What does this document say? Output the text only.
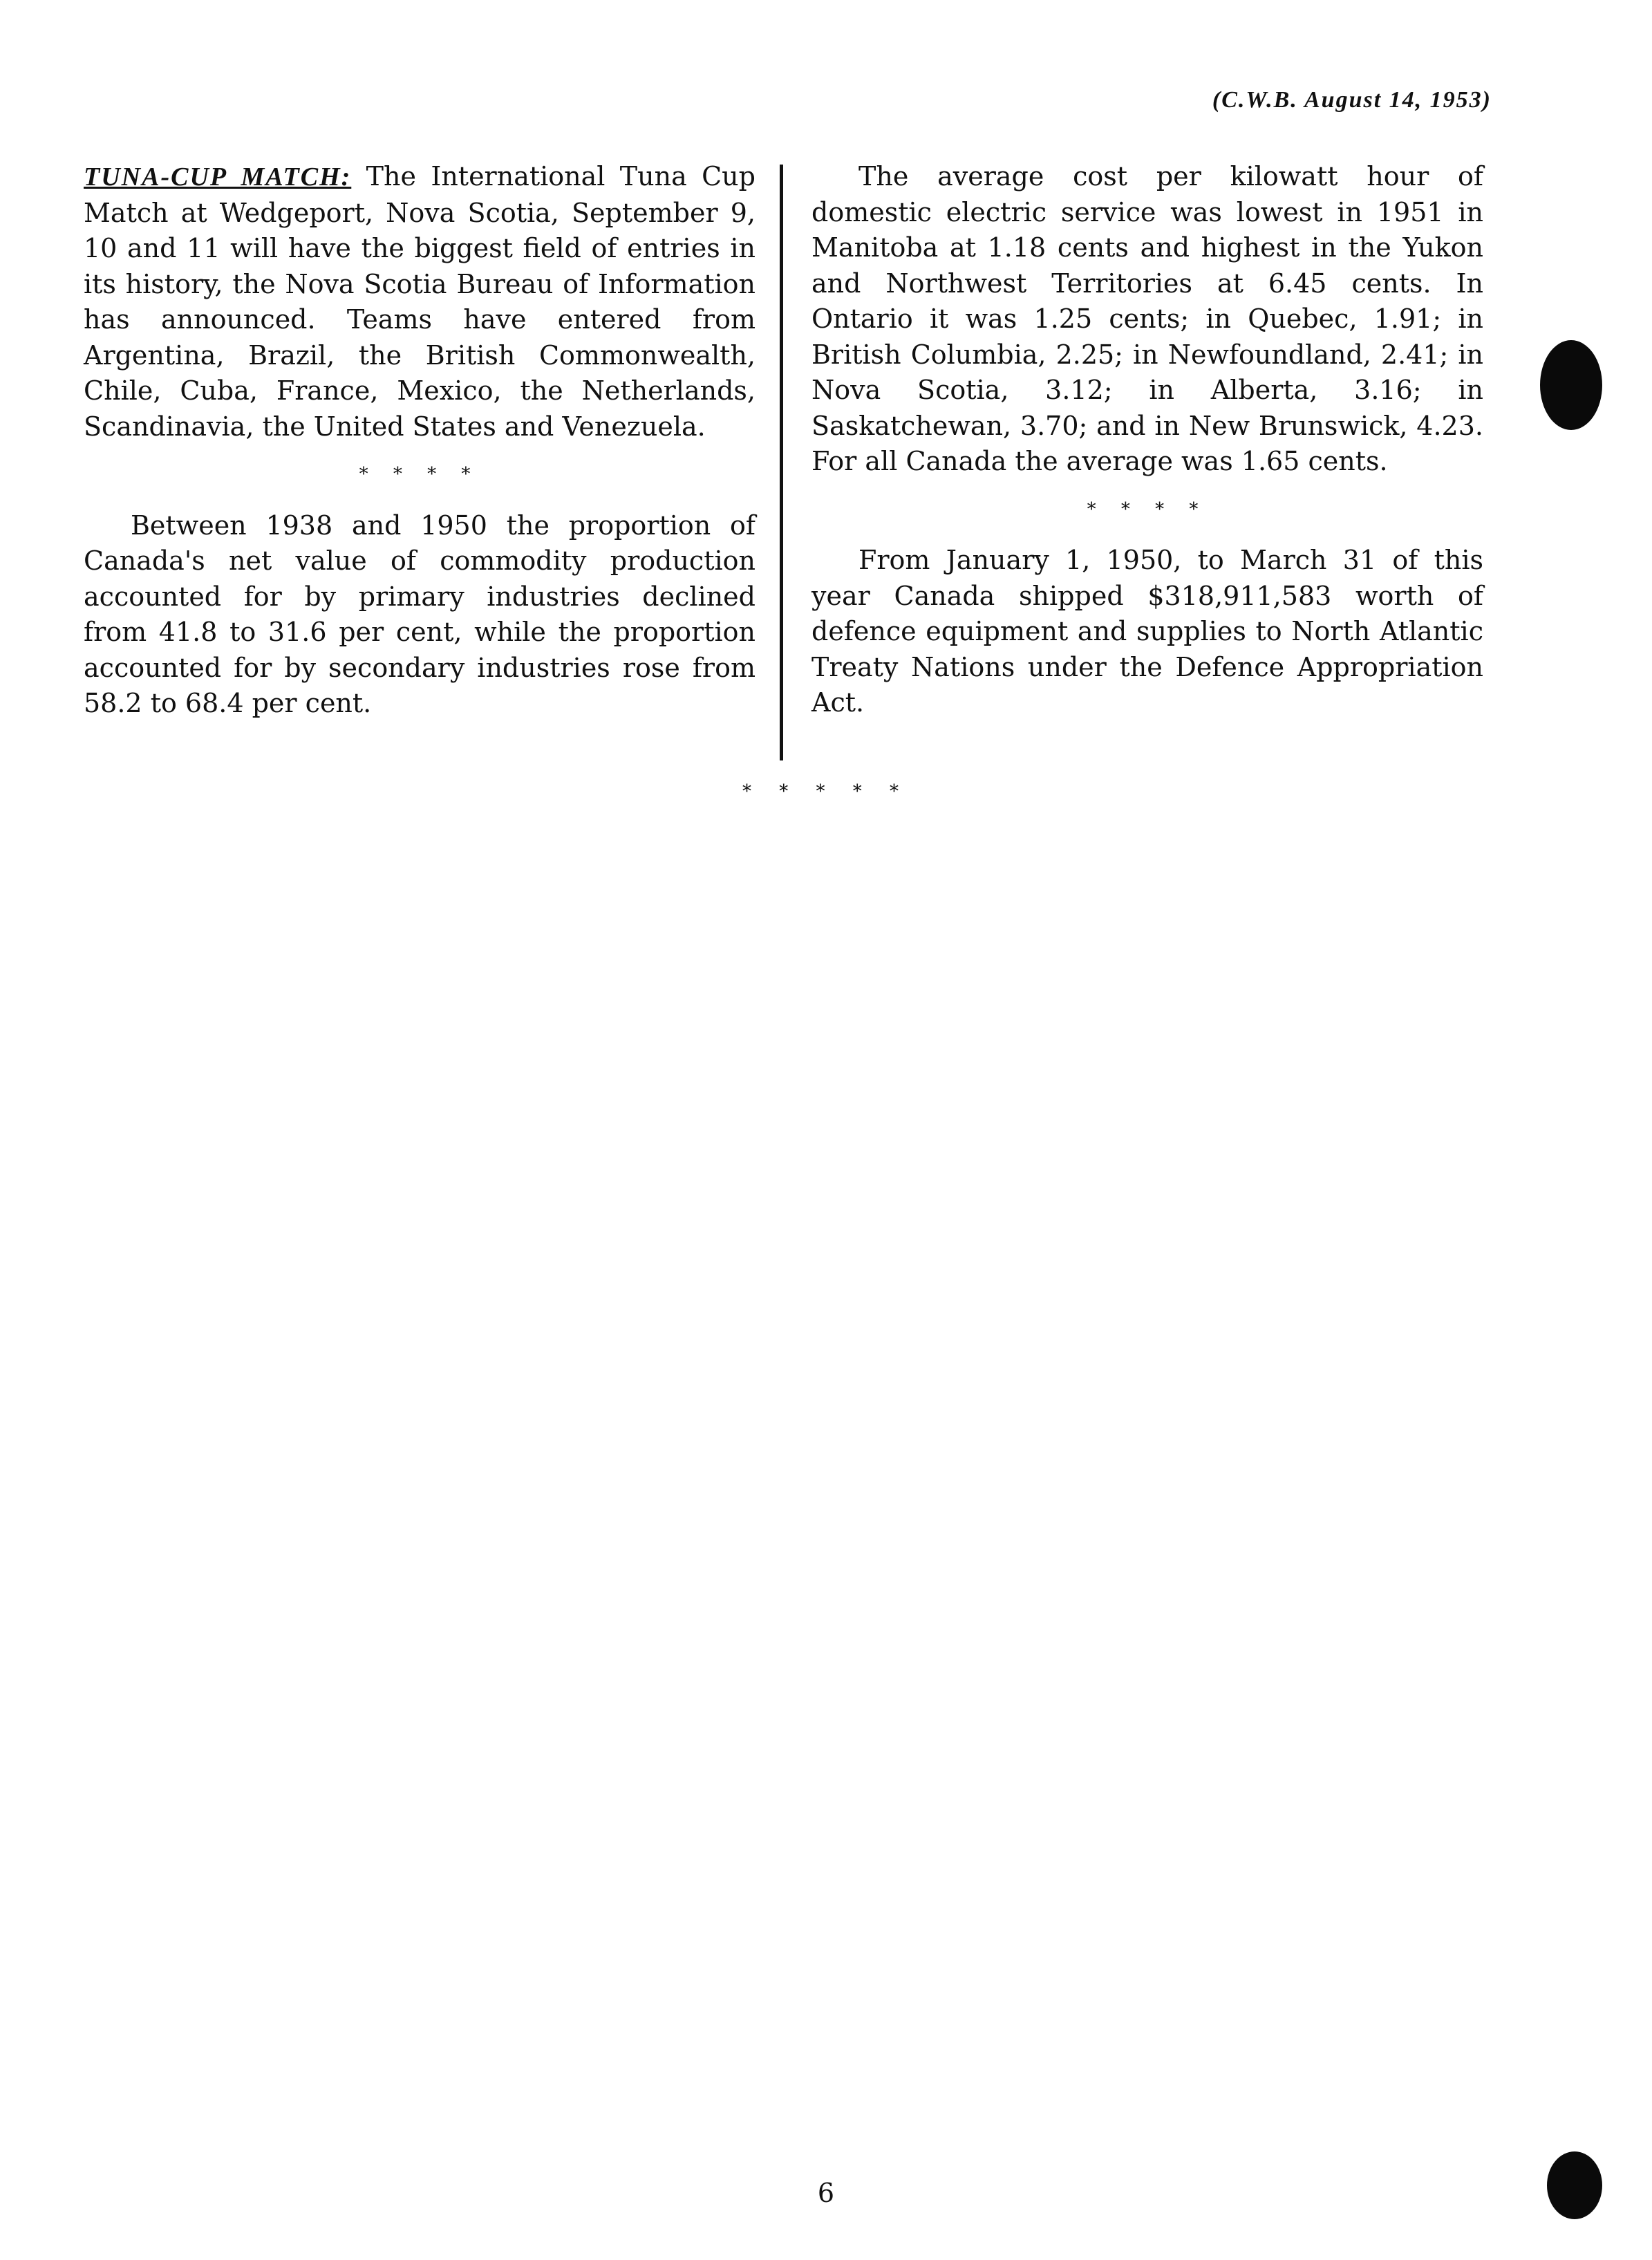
(C.W.B. August 14, 1953)

TUNA-CUP MATCH: The International Tuna Cup Match at Wedgeport, Nova Scotia, September 9, 10 and 11 will have the biggest field of entries in its history, the Nova Scotia Bureau of Information has announced. Teams have entered from Argentina, Brazil, the British Commonwealth, Chile, Cuba, France, Mexico, the Netherlands, Scandinavia, the United States and Venezuela.

* * * *

Between 1938 and 1950 the proportion of Canada's net value of commodity production accounted for by primary industries declined from 41.8 to 31.6 per cent, while the proportion accounted for by secondary industries rose from 58.2 to 68.4 per cent.

The average cost per kilowatt hour of domestic electric service was lowest in 1951 in Manitoba at 1.18 cents and highest in the Yukon and Northwest Territories at 6.45 cents. In Ontario it was 1.25 cents; in Quebec, 1.91; in British Columbia, 2.25; in Newfoundland, 2.41; in Nova Scotia, 3.12; in Alberta, 3.16; in Saskatchewan, 3.70; and in New Brunswick, 4.23. For all Canada the average was 1.65 cents.

* * * *

From January 1, 1950, to March 31 of this year Canada shipped $318,911,583 worth of defence equipment and supplies to North Atlantic Treaty Nations under the Defence Appropriation Act.

* * * * *
6
